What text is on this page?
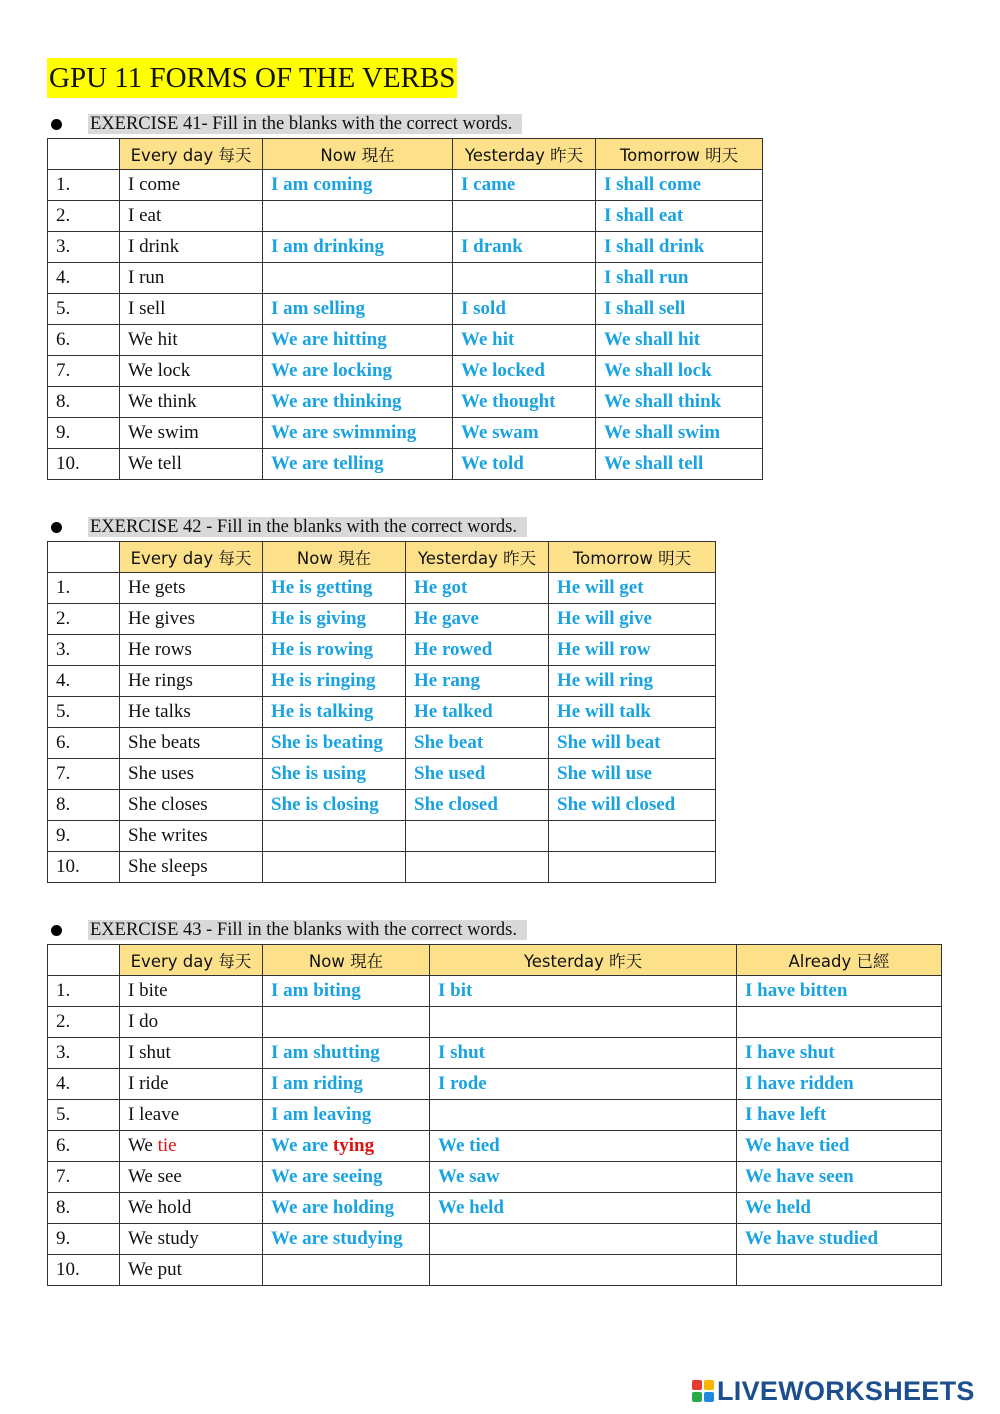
GPU 11 FORMS OF THE VERBS
EXERCISE 41- Fill in the blanks with the correct words.
	Every day 每天	Now 現在	Yesterday 昨天	Tomorrow 明天
1.	I come	I am coming	I came	I shall come
2.	I eat			I shall eat
3.	I drink	I am drinking	I drank	I shall drink
4.	I run			I shall run
5.	I sell	I am selling	I sold	I shall sell
6.	We hit	We are hitting	We hit	We shall hit
7.	We lock	We are locking	We locked	We shall lock
8.	We think	We are thinking	We thought	We shall think
9.	We swim	We are swimming	We swam	We shall swim
10.	We tell	We are telling	We told	We shall tell
EXERCISE 42 - Fill in the blanks with the correct words.
	Every day 每天	Now 現在	Yesterday 昨天	Tomorrow 明天
1.	He gets	He is getting	He got	He will get
2.	He gives	He is giving	He gave	He will give
3.	He rows	He is rowing	He rowed	He will row
4.	He rings	He is ringing	He rang	He will ring
5.	He talks	He is talking	He talked	He will talk
6.	She beats	She is beating	She beat	She will beat
7.	She uses	She is using	She used	She will use
8.	She closes	She is closing	She closed	She will closed
9.	She writes			
10.	She sleeps			
EXERCISE 43 - Fill in the blanks with the correct words.
	Every day 每天	Now 現在	Yesterday 昨天	Already 已經
1.	I bite	I am biting	I bit	I have bitten
2.	I do			
3.	I shut	I am shutting	I shut	I have shut
4.	I ride	I am riding	I rode	I have ridden
5.	I leave	I am leaving		I have left
6.	We tie	We are tying	We tied	We have tied
7.	We see	We are seeing	We saw	We have seen
8.	We hold	We are holding	We held	We held
9.	We study	We are studying		We have studied
10.	We put			
LIVEWORKSHEETS
